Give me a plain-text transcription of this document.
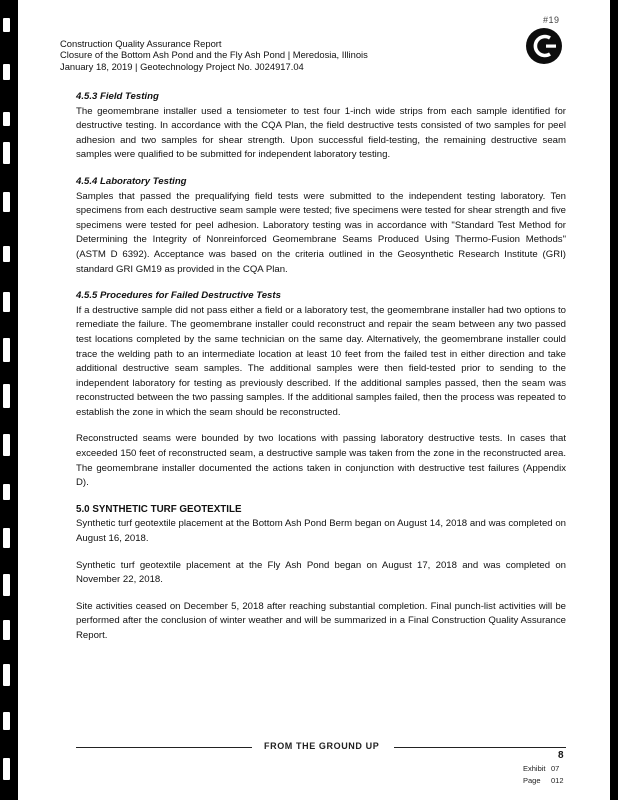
Construction Quality Assurance Report
Closure of the Bottom Ash Pond and the Fly Ash Pond | Meredosia, Illinois
January 18, 2019 | Geotechnology Project No. J024917.04
#19
4.5.3 Field Testing

The geomembrane installer used a tensiometer to test four 1-inch wide strips from each sample identified for destructive testing. In accordance with the CQA Plan, the field destructive tests consisted of two samples for peel adhesion and two samples for shear strength. Upon successful field-testing, the remaining destructive seam samples were qualified to be submitted for independent laboratory testing.

4.5.4 Laboratory Testing

Samples that passed the prequalifying field tests were submitted to the independent testing laboratory. Ten specimens from each destructive seam sample were tested; five specimens were tested for shear strength and five specimens were tested for peel adhesion. Laboratory testing was in accordance with "Standard Test Method for Determining the Integrity of Nonreinforced Geomembrane Seams Produced Using Thermo-Fusion Methods" (ASTM D 6392). Acceptance was based on the criteria outlined in the Geosynthetic Research Institute (GRI) standard GRI GM19 as provided in the CQA Plan.

4.5.5 Procedures for Failed Destructive Tests

If a destructive sample did not pass either a field or a laboratory test, the geomembrane installer had two options to remediate the failure. The geomembrane installer could reconstruct and repair the seam between any two passed test locations completed by the same technician on the same day. Alternatively, the geomembrane installer could trace the welding path to an intermediate location at least 10 feet from the failed test in either direction and take additional destructive seam samples. The additional samples were then field-tested prior to sending to the independent laboratory for testing as previously described. If the additional samples passed, then the seam was reconstructed between the two passing samples. If the additional samples failed, then the process was repeated to establish the zone in which the seam should be reconstructed.

Reconstructed seams were bounded by two locations with passing laboratory destructive tests. In cases that exceeded 150 feet of reconstructed seam, a destructive sample was taken from the zone in the reconstructed area. The geomembrane installer documented the actions taken in conjunction with destructive test failures (Appendix D).

5.0 SYNTHETIC TURF GEOTEXTILE

Synthetic turf geotextile placement at the Bottom Ash Pond Berm began on August 14, 2018 and was completed on August 16, 2018.

Synthetic turf geotextile placement at the Fly Ash Pond began on August 17, 2018 and was completed on November 22, 2018.

Site activities ceased on December 5, 2018 after reaching substantial completion. Final punch-list activities will be performed after the conclusion of winter weather and will be summarized in a Final Construction Quality Assurance Report.

FROM THE GROUND UP
8
Exhibit 07
Page 012
